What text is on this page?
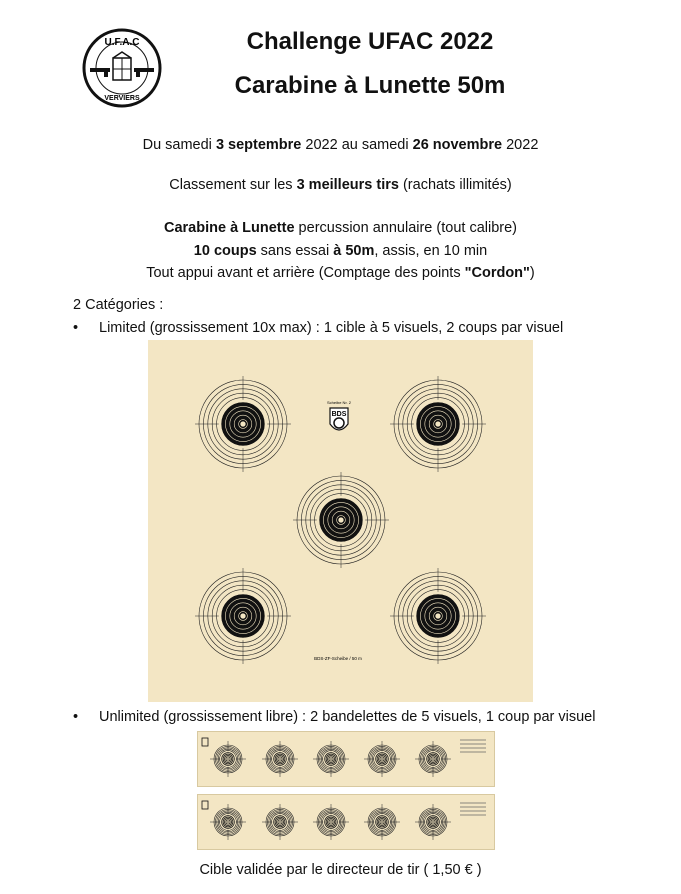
U.F.A.C
VERVIERS
Challenge UFAC 2022
Carabine à Lunette 50m
Du samedi 3 septembre 2022 au samedi 26 novembre 2022
Classement sur les 3 meilleurs tirs (rachats illimités)
Carabine à Lunette percussion annulaire (tout calibre)
10 coups sans essai à 50m, assis, en 10 min
Tout appui avant et arrière (Comptage des points "Cordon")
2 Catégories :
• Limited (grossissement 10x max) : 1 cible à 5 visuels, 2 coups par visuel
BDS
Scheibe Nr. 2
BDS-ZF-Scheibe / 50 m
• Unlimited (grossissement libre) : 2 bandelettes de 5 visuels, 1 coup par visuel
Cible validée par le directeur de tir ( 1,50 € )
